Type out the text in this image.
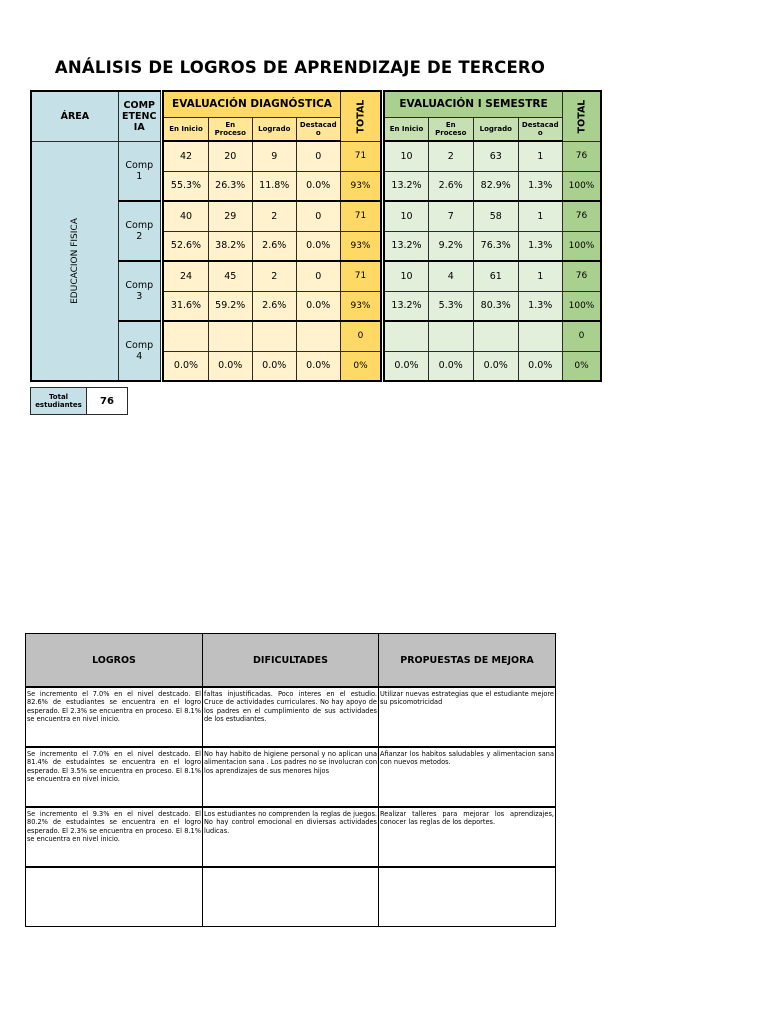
ANÁLISIS DE LOGROS DE APRENDIZAJE DE TERCERO
ÁREA	COMP
ETENC
IA		EVALUACIÓN DIAGNÓSTICA				TOTAL		EVALUACIÓN I SEMESTRE				TOTAL
			En Inicio	En
Proceso	Logrado	Destacad
o			En Inicio	En
Proceso	Logrado	Destacad
o	
EDUCACION FISICA	Comp
1		42	20	9	0	71		10	2	63	1	76
			55.3%	26.3%	11.8%	0.0%	93%		13.2%	2.6%	82.9%	1.3%	100%
	Comp
2		40	29	2	0	71		10	7	58	1	76
			52.6%	38.2%	2.6%	0.0%	93%		13.2%	9.2%	76.3%	1.3%	100%
	Comp
3		24	45	2	0	71		10	4	61	1	76
			31.6%	59.2%	2.6%	0.0%	93%		13.2%	5.3%	80.3%	1.3%	100%
	Comp
4						0						0
			0.0%	0.0%	0.0%	0.0%	0%		0.0%	0.0%	0.0%	0.0%	0%
Total
estudiantes	76
LOGROS	DIFICULTADES	PROPUESTAS DE MEJORA
Se incremento el 7.0% en el nivel destcado. El 82.6% de estudiantes se encuentra en el logro esperado. El 2.3% se encuentra en proceso. El 8.1% se encuentra en nivel inicio.	faltas injustificadas. Poco interes en el estudio. Cruce de actividades curriculares. No hay apoyo de los padres en el cumplimiento de sus actividades de los estudiantes.	Utilizar nuevas estrategias que el estudiante mejore su psicomotricidad
Se incremento el 7.0% en el nivel destcado. El 81.4% de estudaintes se encuentra en el logro esperado. El 3.5% se encuentra en proceso. El 8.1% se encuentra en nivel inicio.	No hay habito de higiene personal y no aplican una alimentacion sana . Los padres no se involucran con los aprendizajes de sus menores hijos	Afianzar los habitos saludables y alimentacion sana con nuevos metodos.
Se incremento el 9.3% en el nivel destcado. El 80.2% de estudaintes se encuentra en el logro esperado. El 2.3% se encuentra en proceso. El 8.1% se encuentra en nivel inicio.	Los estudiantes no comprenden la reglas de juegos. No hay control emocional en diviersas actividades ludicas.	Realizar talleres para mejorar los aprendizajes, conocer las reglas de los deportes.
